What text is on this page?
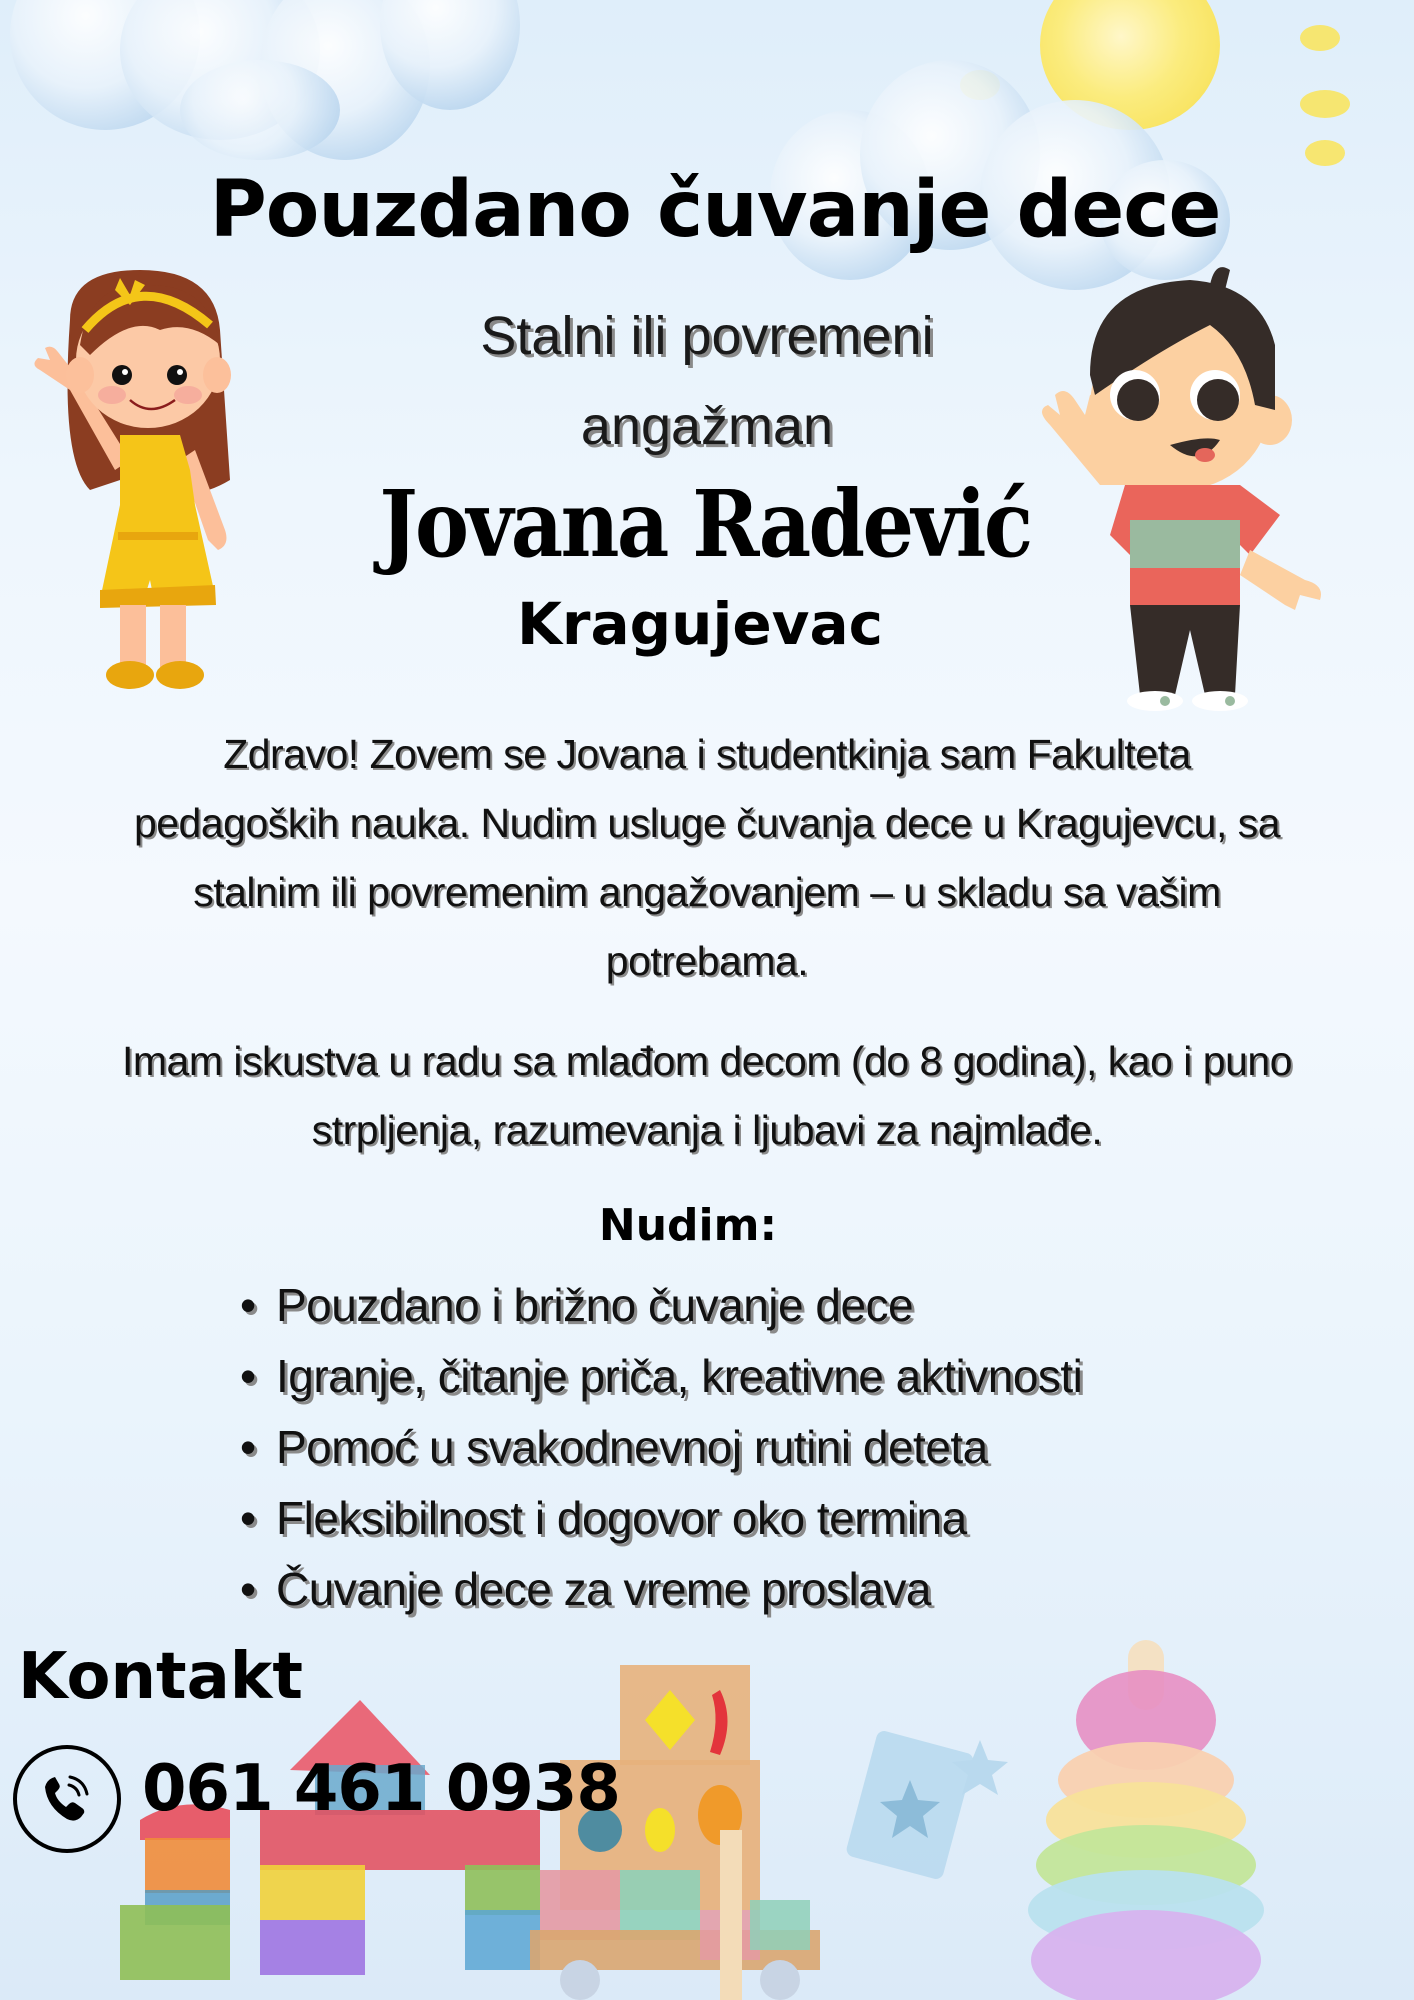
Pouzdano čuvanje dece
Stalni ili povremeni
angažman
Jovana Radević
Kragujevac
Zdravo! Zovem se Jovana i studentkinja sam Fakulteta
pedagoških nauka. Nudim usluge čuvanja dece u Kragujevcu, sa
stalnim ili povremenim angažovanjem – u skladu sa vašim
potrebama.
Imam iskustva u radu sa mlađom decom (do 8 godina), kao i puno
strpljenja, razumevanja i ljubavi za najmlađe.
Nudim:
• Pouzdano i brižno čuvanje dece
• Igranje, čitanje priča, kreativne aktivnosti
• Pomoć u svakodnevnoj rutini deteta
• Fleksibilnost i dogovor oko termina
• Čuvanje dece za vreme proslava
Kontakt
061 461 0938
